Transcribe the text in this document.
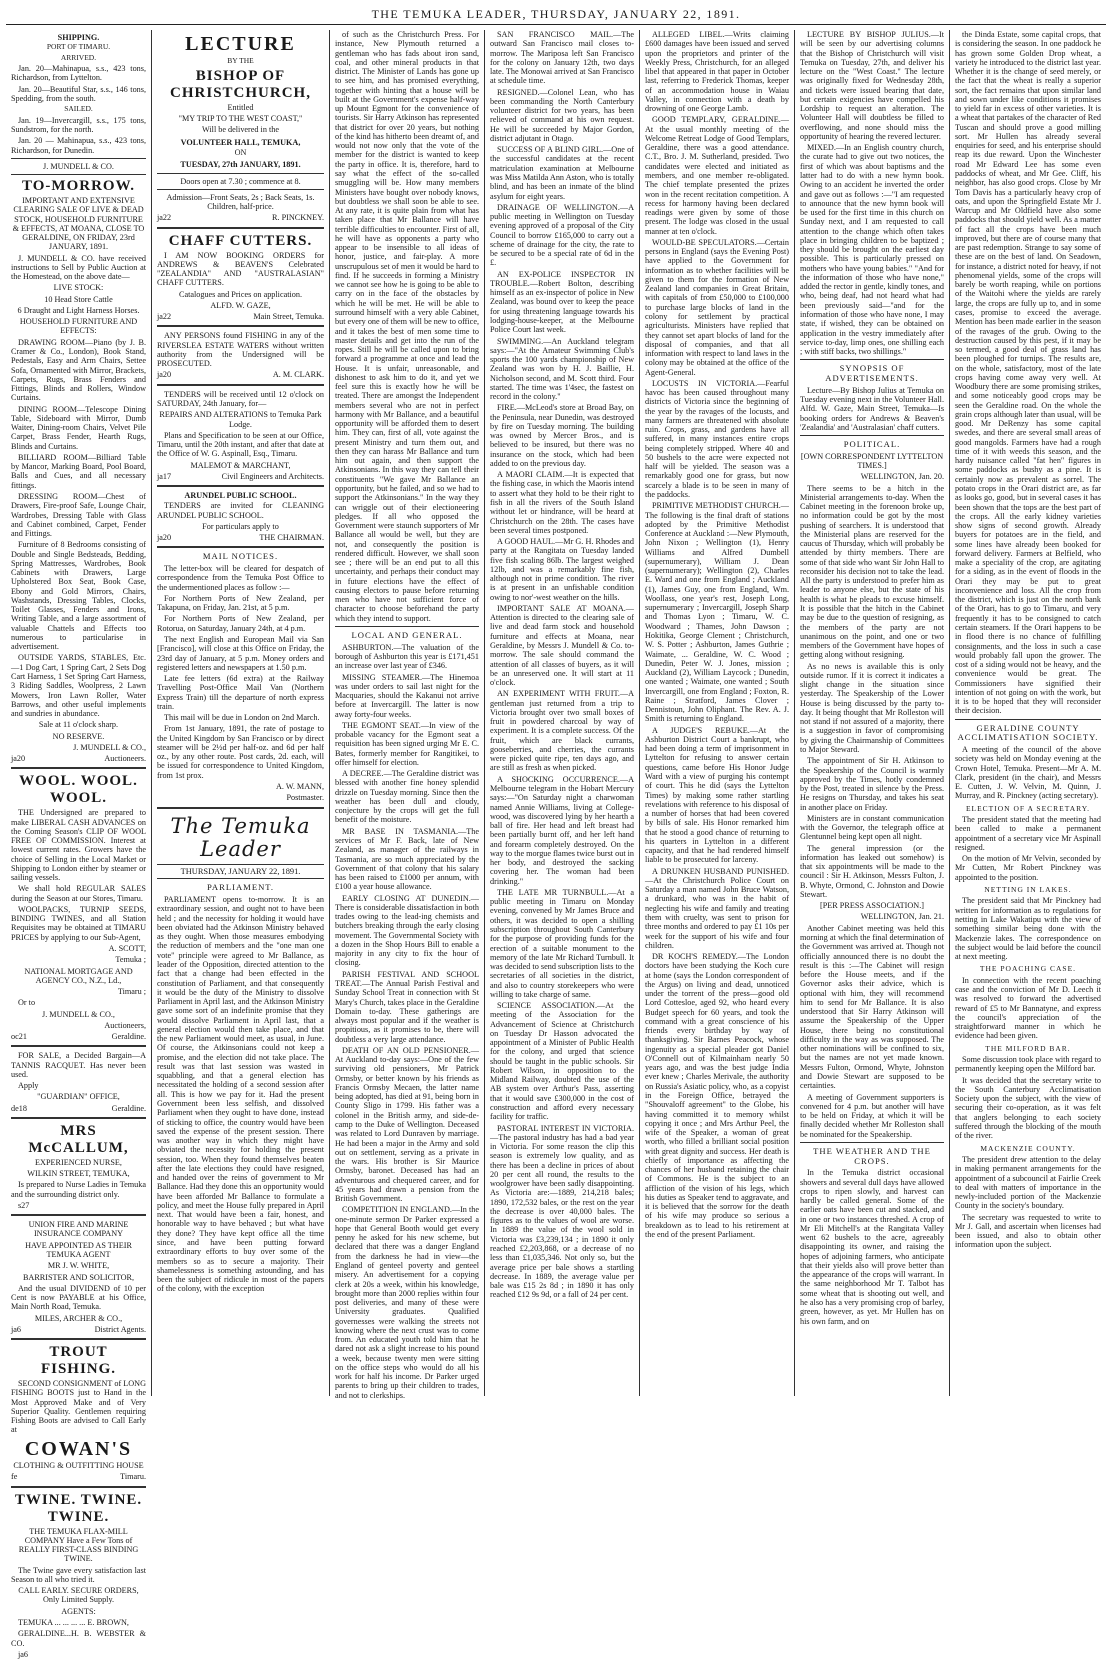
THE TEMUKA LEADER, THURSDAY, JANUARY 22, 1891.

SHIPPING.

PORT OF TIMARU.

ARRIVED.

Jan. 20—Mahinapua, s.s., 423 tons, Richardson, from Lyttelton.

Jan. 20—Beautiful Star, s.s., 146 tons, Spedding, from the south.

SAILED.

Jan. 19—Invercargill, s.s., 175 tons, Sundstrom, for the north.

Jan. 20 — Mahinapua, s.s., 423 tons, Richardson, for Dunedin.

J. MUNDELL & CO.

TO-MORROW.

IMPORTANT AND EXTENSIVE CLEARING SALE OF LIVE & DEAD STOCK, HOUSEHOLD FURNITURE & EFFECTS, AT MOANA, CLOSE TO GERALDINE, ON FRIDAY, 23rd JANUARY, 1891.

J. MUNDELL & CO. have received instructions to Sell by Public Auction at the Homestead, on the above date—

LIVE STOCK:

10 Head Store Cattle

6 Draught and Light Harness Horses.

HOUSEHOLD FURNITURE AND EFFECTS:

DRAWING ROOM—Piano (by J. B. Cramer & Co., London), Book Stand, Pedestals, Easy and Arm Chairs, Settee Sofa, Ornamented with Mirror, Brackets, Carpets, Rugs, Brass Fenders and Fittings, Blinds and Rollers, Window Curtains.

DINING ROOM—Telescope Dining Table, Sideboard with Mirror, Dumb Waiter, Dining-room Chairs, Velvet Pile Carpet, Brass Fender, Hearth Rugs, Blinds and Curtains.

BILLIARD ROOM—Billiard Table by Mancor, Marking Board, Pool Board, Balls and Cues, and all necessary fittings.

DRESSING ROOM—Chest of Drawers, Fire-proof Safe, Lounge Chair, Wardrobes, Dressing Table with Glass and Cabinet combined, Carpet, Fender and Fittings.

Furniture of 8 Bedrooms consisting of Double and Single Bedsteads, Bedding, Spring Mattresses, Wardrobes, Book Cabinets with Drawers, Large Upholstered Box Seat, Book Case, Ebony and Gold Mirrors, Chairs, Washstands, Dressing Tables, Clocks, Toilet Glasses, Fenders and Irons, Writing Table, and a large assortment of valuable Chattels and Effects too numerous to particularise in advertisement.

OUTSIDE YARDS, STABLES, Etc. —1 Dog Cart, 1 Spring Cart, 2 Sets Dog Cart Harness, 1 Set Spring Cart Harness, 3 Riding Saddles, Woolpress, 2 Lawn Mowers, Iron Lawn Roller, Water Barrows, and other useful implements and sundries in abundance.

Sale at 11 o'clock sharp.

NO RESERVE.

J. MUNDELL & CO.,

ja20	Auctioneers.

WOOL. WOOL. WOOL.

THE Undersigned are prepared to make LIBERAL CASH ADVANCES on the Coming Season's CLIP OF WOOL FREE OF COMMISSION. Interest at lowest current rates. Growers have the choice of Selling in the Local Market or Shipping to London either by steamer or sailing vessels.

We shall hold REGULAR SALES during the Season at our Stores, Timaru.

WOOLPACKS, TURNIP SEEDS, BINDING TWINES, and all Station Requisites may be obtained at TIMARU PRICES by applying to our Sub-Agent,

A. SCOTT,

Temuka ;

NATIONAL MORTGAGE AND AGENCY CO., N.Z., Ld.,

Timaru ;

Or to

J. MUNDELL & CO.,

Auctioneers,

oc21	Geraldine.

FOR SALE, a Decided Bargain—A TANNIS RACQUET. Has never been used.

Apply

"GUARDIAN" OFFICE,

de18	Geraldine.

MRS McCALLUM,

EXPERIENCED NURSE,

WILKIN STREET, TEMUKA,

Is prepared to Nurse Ladies in Temuka and the surrounding district only.

s27

UNION FIRE AND MARINE INSURANCE COMPANY

HAVE APPOINTED AS THEIR TEMUKA AGENT

MR J. W. WHITE,

BARRISTER AND SOLICITOR,

And the usual DIVIDEND of 10 per Cent is now PAYABLE at his Office, Main North Road, Temuka.

MILES, ARCHER & CO.,

ja6	District Agents.

TROUT FISHING.

SECOND CONSIGNMENT of LONG FISHING BOOTS just to Hand in the Most Approved Make and of Very Superior Quality. Gentlemen requiring Fishing Boots are advised to Call Early at

COWAN'S

CLOTHING & OUTFITTING HOUSE

fe	Timaru.

TWINE. TWINE. TWINE.

THE TEMUKA FLAX-MILL COMPANY Have a Few Tons of REALLY FIRST-CLASS BINDING TWINE.

The Twine gave every satisfaction last Season to all who tried it.

CALL EARLY. SECURE ORDERS, Only Limited Supply.

AGENTS:

TEMUKA ... ... ... ... E. BROWN,

GERALDINE...H. B. WEBSTER & CO.

ja6

LECTURE

BY THE

BISHOP OF CHRISTCHURCH,

Entitled

"MY TRIP TO THE WEST COAST,"

Will be delivered in the

VOLUNTEER HALL, TEMUKA,

ON

TUESDAY, 27th JANUARY, 1891.

Doors open at 7.30 ; commence at 8.

Admission—Front Seats, 2s ; Back Seats, 1s. Children, half-price.

ja22	R. PINCKNEY.

CHAFF CUTTERS.

I AM NOW BOOKING ORDERS for ANDREWS & BEAVEN'S Celebrated "ZEALANDIA" AND "AUSTRALASIAN" CHAFF CUTTERS.

Catalogues and Prices on application.

ALFD. W. GAZE,

ja22	Main Street, Temuka.

ANY PERSONS found FISHING in any of the RIVERSLEA ESTATE WATERS without written authority from the Undersigned will be PROSECUTED.

ja20	A. M. CLARK.

TENDERS will be received until 12 o'clock on SATURDAY, 24th January, for—

REPAIRS AND ALTERATIONS to Temuka Park Lodge.

Plans and Specification to be seen at our Office, Timaru, until the 20th instant, and after that date at the Office of W. G. Aspinall, Esq., Timaru.

MALEMOT & MARCHANT,

ja17	Civil Engineers and Architects.

ARUNDEL PUBLIC SCHOOL.

TENDERS are invited for CLEANING ARUNDEL PUBLIC SCHOOL.

For particulars apply to

ja20	THE CHAIRMAN.

MAIL NOTICES.

The letter-box will be cleared for despatch of correspondence from the Temuka Post Office to the undermentioned places as follow :—

For Northern Ports of New Zealand, per Takapuna, on Friday, Jan. 21st, at 5 p.m.

For Northern Ports of New Zealand, per Rotorua, on Saturday, January 24th, at 4 p.m.

The next English and European Mail via San [Francisco], will close at this Office on Friday, the 23rd day of January, at 5 p.m. Money orders and registered letters and newspapers at 1.50 p.m.

Late fee letters (6d extra) at the Railway Travelling Post-Office Mail Van (Northern Express Train) till the departure of north express train.

This mail will be due in London on 2nd March.

From 1st January, 1891, the rate of postage to the United Kingdom by San Francisco or by direct steamer will be 2½d per half-oz. and 6d per half oz., by any other route. Post cards, 2d. each, will be issued for correspondence to United Kingdom, from 1st prox.

A. W. MANN,

Postmaster.

The Temuka Leader
THURSDAY, JANUARY 22, 1891.

PARLIAMENT.

PARLIAMENT opens to-morrow. It is an extraordinary session, and ought not to have been held ; and the necessity for holding it would have been obviated had the Atkinson Ministry behaved as they ought. When those measures embodying the reduction of members and the "one man one vote" principle were agreed to Mr Ballance, as leader of the Opposition, directed attention to the fact that a change had been effected in the constitution of Parliament, and that consequently it would be the duty of the Ministry to dissolve Parliament in April last, and the Atkinson Ministry gave some sort of an indefinite promise that they would dissolve Parliament in April last, that a general election would then take place, and that the new Parliament would meet, as usual, in June. Of course, the Atkinsonians could not keep a promise, and the election did not take place. The result was that last session was wasted in squabbling, and that a general election has necessitated the holding of a second session after all. This is how we pay for it. Had the present Government been less selfish, and dissolved Parliament when they ought to have done, instead of sticking to office, the country would have been saved the expense of the present session. There was another way in which they might have obviated the necessity for holding the present session, too. When they found themselves beaten after the late elections they could have resigned, and handed over the reins of government to Mr Ballance. Had they done this an opportunity would have been afforded Mr Ballance to formulate a policy, and meet the House fully prepared in April next. That would have been a fair, honest, and honorable way to have behaved ; but what have they done? They have kept office all the time since, and have been putting forward extraordinary efforts to buy over some of the members so as to secure a majority. Their shamelessness is something astounding, and has been the subject of ridicule in most of the papers of the colony, with the exception

of such as the Christchurch Press. For instance, New Plymouth returned a gentleman who has fads about iron sand, coal, and other mineral products in that district. The Minister of Lands has gone up to see him, and has promised everything, together with hinting that a house will be built at the Government's expense half-way up Mount Egmont for the convenience of tourists. Sir Harry Atkinson has represented that district for over 20 years, but nothing of the kind has hitherto been dreamt of, and would not now only that the vote of the member for the district is wanted to keep the party in office. It is, therefore, hard to say what the effect of the so-called smuggling will be. How many members Ministers have bought over nobody knows, but doubtless we shall soon be able to see. At any rate, it is quite plain from what has taken place that Mr Ballance will have terrible difficulties to encounter. First of all, he will have as opponents a party who appear to be insensible to all ideas of honor, justice, and fair-play. A more unscrupulous set of men it would be hard to find. If he succeeds in forming a Ministry we cannot see how he is going to be able to carry on in the face of the obstacles by which he will be met. He will be able to surround himself with a very able Cabinet, but every one of them will be new to office, and it takes the best of men some time to master details and get into the run of the ropes. Still he will be called upon to bring forward a programme at once and lead the House. It is unfair, unreasonable, and dishonest to ask him to do it, and yet we feel sure this is exactly how he will be treated. There are amongst the Independent members several who are not in perfect harmony with Mr Ballance, and a beautiful opportunity will be afforded them to desert him. They can, first of all, vote against the present Ministry and turn them out, and then they can harass Mr Ballance and turn him out again, and then support the Atkinsonians. In this way they can tell their constituents "We gave Mr Ballance an opportunity, but he failed, and so we had to support the Atkinsonians." In the way they can wriggle out of their electioneering pledges. If all who opposed the Government were staunch supporters of Mr Ballance all would be well, but they are not, and consequently the position is rendered difficult. However, we shall soon see ; there will be an end put to all this uncertainty, and perhaps their conduct may in future elections have the effect of causing electors to pause before returning men who have not sufficient force of character to choose beforehand the party which they intend to support.

LOCAL AND GENERAL.

ASHBURTON.—The valuation of the borough of Ashburton this year is £171,451 an increase over last year of £346.

MISSING STEAMER.—The Hinemoa was under orders to sail last night for the Macquaries, should the Kakanui not arrive before at Invercargill. The latter is now away forty-four weeks.

THE EGMONT SEAT.—In view of the probable vacancy for the Egmont seat a requisition has been signed urging Mr E. C. Bates, formerly member for Rangitikei, to offer himself for election.

A DECREE.—The Geraldine district was blessed with another fine honey splendid drizzle on Tuesday morning. Since then the weather has been dull and cloudy, conjecture by the crops will get the full benefit of the moisture.

MR BASE IN TASMANIA.—The services of Mr F. Back, late of New Zealand, as manager of the railways in Tasmania, are so much appreciated by the Government of that colony that his salary has been raised to £1000 per annum, with £100 a year house allowance.

EARLY CLOSING AT DUNEDIN.—There is considerable dissatisfaction in both trades owing to the lead-ing chemists and butchers breaking through the early closing movement. The Governmental Society with a dozen in the Shop Hours Bill to enable a majority in any city to fix the hour of closing.

PARISH FESTIVAL AND SCHOOL TREAT.—The Annual Parish Festival and Sunday School Treat in connection with St Mary's Church, takes place in the Geraldine Domain to-day. These gatherings are always most popular and if the weather is propitious, as it promises to be, there will doubtless a very large attendance.

DEATH OF AN OLD PENSIONER.—At Auckland to-day says:—One of the few surviving old pensioners, Mr Patrick Ormsby, or better known by his friends as Francis Ormsby Mecaen, the latter name being adopted, has died at 91, being born in County Sligo in 1799. His father was a colonel in the British army, and side-de-camp to the Duke of Wellington. Deceased was related to Lord Dunraven by marriage. He had been a major in the Army and sold out on settlement, serving as a private in the wars. His brother is Sir Maurice Ormsby, baronet. Deceased has had an adventurous and chequered career, and for 45 years had drawn a pension from the British Government.

COMPETITION IN ENGLAND.—In the one-minute sermon Dr Parker expressed a hope that General Booth would get every penny he asked for his new scheme, but declared that there was a danger England from the darkness he had in view—the England of genteel poverty and genteel misery. An advertisement for a copying clerk at 20s a week, within his knowledge, brought more than 2000 replies within four post deliveries, and many of these were University graduates. Qualified governesses were walking the streets not knowing where the next crust was to come from. An educated youth told him that he dared not ask a slight increase to his pound a week, because twenty men were sitting on the office steps who would do all his work for half his income. Dr Parker urged parents to bring up their children to trades, and not to clerkships.

SAN FRANCISCO MAIL.—The outward San Francisco mail closes to-morrow. The Mariposa left San Francisco for the colony on January 12th, two days late. The Monowai arrived at San Francisco at schedule time.

RESIGNED.—Colonel Lean, who has been commanding the North Canterbury volunteer district for two years, has been relieved of command at his own request. He will be succeeded by Major Gordon, district adjutant in Otago.

SUCCESS OF A BLIND GIRL.—One of the successful candidates at the recent matriculation examination at Melbourne was Miss Matilda Ann Aston, who is totally blind, and has been an inmate of the blind asylum for eight years.

DRAINAGE OF WELLINGTON.—A public meeting in Wellington on Tuesday evening approved of a proposal of the City Council to borrow £165,000 to carry out a scheme of drainage for the city, the rate to be secured to be a special rate of 6d in the £.

AN EX-POLICE INSPECTOR IN TROUBLE.—Robert Bolton, describing himself as an ex-inspector of police in New Zealand, was bound over to keep the peace for using threatening language towards his lodging-house-keeper, at the Melbourne Police Court last week.

SWIMMING.—An Auckland telegram says:—"At the Amateur Swimming Club's sports the 100 yards championship of New Zealand was won by H. J. Baillie, H. Nicholson second, and M. Scott third. Four started. The time was 1'4sec, the fastest on record in the colony."

FIRE.—McLeod's store at Broad Bay, on the Peninsula, near Dunedin, was destroyed by fire on Tuesday morning. The building was owned by Mercer Bros., and is believed to be insured, but there was no insurance on the stock, which had been added to on the previous day.

A MAORI CLAIM.—It is expected that the fishing case, in which the Maoris intend to assert what they hold to be their right to fish in all the rivers of the South Island without let or hindrance, will be heard at Christchurch on the 28th. The cases have been several times postponed.

A GOOD HAUL.—Mr G. H. Rhodes and party at the Rangitata on Tuesday landed five fish scaling 86lb. The largest weighed 12lb, and was a remarkably fine fish, although not in prime condition. The river is at present in an unfishable condition owing to nor'-west weather on the hills.

IMPORTANT SALE AT MOANA.—Attention is directed to the clearing sale of live and dead farm stock and household furniture and effects at Moana, near Geraldine, by Messrs J. Mundell & Co. to-morrow. The sale should command the attention of all classes of buyers, as it will be an unreserved one. It will start at 11 o'clock.

AN EXPERIMENT WITH FRUIT.—A gentleman just returned from a trip to Victoria brought over two small boxes of fruit in powdered charcoal by way of experiment. It is a complete success. Of the fruit, which are black currants, gooseberries, and cherries, the currants were picked quite ripe, ten days ago, and are still as fresh as when picked.

A SHOCKING OCCURRENCE.—A Melbourne telegram in the Hobart Mercury says:—"On Saturday night a charwoman named Annie Williams, living at College-wood, was discovered lying by her hearth a ball of fire. Her head and left breast had been partially burnt off, and her left hand and forearm completely destroyed. On the way to the morgue flames twice burst out in her body, and destroyed the sacking covering her. The woman had been drinking."

THE LATE MR TURNBULL.—At a public meeting in Timaru on Monday evening, convened by Mr James Bruce and others, it was decided to open a shilling subscription throughout South Canterbury for the purpose of providing funds for the erection of a suitable monument to the memory of the late Mr Richard Turnbull. It was decided to send subscription lists to the secretaries of all societies in the district, and also to country storekeepers who were willing to take charge of same.

SCIENCE ASSOCIATION.—At the meeting of the Association for the Advancement of Science at Christchurch on Tuesday Dr Hasson advocated the appointment of a Minister of Public Health for the colony, and urged that science should be taught in the public schools. Sir Robert Wilson, in opposition to the Midland Railway, doubted the use of the AB system over Arthur's Pass, asserting that it would save £300,000 in the cost of construction and afford every necessary facility for traffic.

PASTORAL INTEREST IN VICTORIA.—The pastoral industry has had a bad year in Victoria. For some reason the clip this season is extremely low quality, and as there has been a decline in prices of about 20 per cent all round, the results to the woolgrower have been sadly disappointing. As Victoria are:—1889, 214,218 bales; 1890, 172,532 bales, or the rest on the year the decrease is over 40,000 bales. The figures as to the values of wool are worse. In 1889 the value of the wool sold in Victoria was £3,239,134 ; in 1890 it only reached £2,203,868, or a decrease of no less than £1,035,346. Not only so, but the average price per bale shows a startling decrease. In 1889, the average value per bale was £15 2s 8d ; in 1890 it has only reached £12 9s 9d, or a fall of 24 per cent.

ALLEGED LIBEL.—Writs claiming £600 damages have been issued and served upon the proprietors and printer of the Weekly Press, Christchurch, for an alleged libel that appeared in that paper in October last, referring to Frederick Thomas, keeper of an accommodation house in Waiau Valley, in connection with a death by drowning of one George Lamb.

GOOD TEMPLARY, GERALDINE.—At the usual monthly meeting of the Welcome Retreat Lodge of Good Templars, Geraldine, there was a good attendance. C.T., Bro. J. M. Sutherland, presided. Two candidates were elected and initiated as members, and one member re-obligated. The chief template presented the prizes won in the recent recitation competition. A recess for harmony having been declared readings were given by some of those present. The lodge was closed in the usual manner at ten o'clock.

WOULD-BE SPECULATORS.—Certain persons in England (says the Evening Post) have applied to the Government for information as to whether facilities will be given to them for the formation of New Zealand land companies in Great Britain, with capitals of from £50,000 to £100,000 to purchase large blocks of land in the colony for settlement by practical agriculturists. Ministers have replied that they cannot set apart blocks of land for the disposal of companies, and that all information with respect to land laws in the colony may be obtained at the office of the Agent-General.

LOCUSTS IN VICTORIA.—Fearful havoc has been caused throughout many districts of Victoria since the beginning of the year by the ravages of the locusts, and many farmers are threatened with absolute ruin. Crops, grass, and gardens have all suffered, in many instances entire crops being completely stripped. Where 40 and 50 bushels to the acre were expected not half will be yielded. The season was a remarkably good one for grass, but now scarcely a blade is to be seen in many of the paddocks.

PRIMITIVE METHODIST CHURCH.—The following is the final draft of stations adopted by the Primitive Methodist Conference at Auckland :—New Plymouth, John Nixon ; Wellington (1), Henry Williams and Alfred Dumbell (supernumerary), William J. Dean (supernumerary); Wellington (2), Charles E. Ward and one from England ; Auckland (1), James Guy, one from England, Wm. Woollass, one year's rest, Joseph Long, supernumerary ; Invercargill, Joseph Sharp and Thomas Lyon ; Timaru, W. C. Woodward ; Thames, John Dawson ; Hokitika, George Clement ; Christchurch, W. S. Potter ; Ashburton, James Guthrie ; Waimate, ... Geraldine, W. C. Wood ; Dunedin, Peter W. J. Jones, mission ; Auckland (2), William Laycock ; Dunedin, one wanted ; Waimate, one wanted ; South Invercargill, one from England ; Foxton, R. Raine ; Stratford, James Clover ; Dennistoun, John Oliphant. The Rev. A. J. Smith is returning to England.

A JUDGE'S REBUKE.—At the Ashburton District Court a bankrupt, who had been doing a term of imprisonment in Lyttelton for refusing to answer certain questions, came before His Honor Judge Ward with a view of purging his contempt of court. This he did (says the Lyttelton Times) by making some rather startling revelations with reference to his disposal of a number of horses that had been covered by bills of sale. His Honor remarked him that he stood a good chance of returning to his quarters in Lyttelton in a different capacity, and that he had rendered himself liable to be prosecuted for larceny.

A DRUNKEN HUSBAND PUNISHED.—At the Christchurch Police Court on Saturday a man named John Bruce Watson, a drunkard, who was in the habit of neglecting his wife and family and treating them with cruelty, was sent to prison for three months and ordered to pay £1 10s per week for the support of his wife and four children.

DR KOCH'S REMEDY.—The London doctors have been studying the Koch cure at home (says the London correspondent of the Argus) on living and dead, unnoticed under the torrent of the press—good old Lord Cottesloe, aged 92, who heard every Budget speech for 60 years, and took the command with a great conscience of his friends every birthday by way of thanksgiving. Sir Barnes Peacock, whose ingenuity as a special pleader got Daniel O'Connell out of Kilmainham nearly 50 years ago, and was the best judge India ever knew ; Charles Merivale, the authority on Russia's Asiatic policy, who, as a copyist in the Foreign Office, betrayed the "Shouvaloff agreement" to the Globe, his having committed it to memory whilst copying it once ; and Mrs Arthur Peel, the wife of the Speaker, a woman of great worth, who filled a brilliant social position with great dignity and success. Her death is chiefly of importance as affecting the chances of her husband retaining the chair of Commons. He is the subject to an affliction of the vision of his legs, which his duties as Speaker tend to aggravate, and it is believed that the sorrow for the death of his wife may produce so serious a breakdown as to lead to his retirement at the end of the present Parliament.

LECTURE BY BISHOP JULIUS.—It will be seen by our advertising columns that the Bishop of Christchurch will visit Temuka on Tuesday, 27th, and deliver his lecture on the "West Coast." The lecture was originally fixed for Wednesday 28th, and tickets were issued bearing that date, but certain exigencies have compelled his Lordship to request an alteration. The Volunteer Hall will doubtless be filled to overflowing, and none should miss the opportunity of hearing the revered lecturer.

MIXED.—In an English country church, the curate had to give out two notices, the first of which was about baptisms and the latter had to do with a new hymn book. Owing to an accident he inverted the order and gave out as follows :—"I am requested to announce that the new hymn book will be used for the first time in this church on Sunday next, and I am requested to call attention to the change which often takes place in bringing children to be baptized ; they should be brought on the earliest day possible. This is particularly pressed on mothers who have young babies." "And for the information of those who have none," added the rector in gentle, kindly tones, and who, being deaf, had not heard what had been previously said—"and for the information of those who have none, I may state, if wished, they can be obtained on application in the vestry immediately after service to-day, limp ones, one shilling each ; with stiff backs, two shillings."

SYNOPSIS OF ADVERTISEMENTS.

Lecture—By Bishop Julius at Temuka on Tuesday evening next in the Volunteer Hall. Alfd. W. Gaze, Main Street, Temuka—Is booking orders for Andrews & Beaven's 'Zealandia' and 'Australasian' chaff cutters.

POLITICAL.

[OWN CORRESPONDENT LYTTELTON TIMES.]

WELLINGTON, Jan. 20.

There seems to be a hitch in the Ministerial arrangements to-day. When the Cabinet meeting in the forenoon broke up, no information could be got by the most pushing of searchers. It is understood that the Ministerial plans are reserved for the caucus of Thursday, which will probably be attended by thirty members. There are some of that side who want Sir John Hall to reconsider his decision not to take the lead. All the party is understood to prefer him as leader to anyone else, but the state of his health is what he pleads to excuse himself. It is possible that the hitch in the Cabinet may be due to the question of resigning, as the members of the party are not unanimous on the point, and one or two members of the Government have hopes of getting along without resigning.

As no news is available this is only outside rumor. If it is correct it indicates a slight change in the situation since yesterday. The Speakership of the Lower House is being discussed by the party to-day. It being thought that Mr Rolleston will not stand if not assured of a majority, there is a suggestion in favor of compromising by giving the Chairmanship of Committees to Major Steward.

The appointment of Sir H. Atkinson to the Speakership of the Council is warmly approved by the Times, hotly condemned by the Post, treated in silence by the Press. He resigns on Thursday, and takes his seat in another place on Friday.

Ministers are in constant communication with the Governor, the telegraph office at Glentunnel being kept open all night.

The general impression (or the information has leaked out somehow) is that six appointments will be made to the council : Sir H. Atkinson, Messrs Fulton, J. B. Whyte, Ormond, C. Johnston and Dowie Stewart.

[PER PRESS ASSOCIATION.]

WELLINGTON, Jan. 21.

Another Cabinet meeting was held this morning at which the final determination of the Government was arrived at. Though not officially announced there is no doubt the result is this :—The Cabinet will resign before the House meets, and if the Governor asks their advice, which is optional with him, they will recommend him to send for Mr Ballance. It is also understood that Sir Harry Atkinson will assume the Speakership of the Upper House, there being no constitutional difficulty in the way as was supposed. The other nominations will be confined to six, but the names are not yet made known. Messrs Fulton, Ormond, Whyte, Johnston and Dowie Stewart are supposed to be certainties.

A meeting of Government supporters is convened for 4 p.m. but another will have to be held on Friday, at which it will be finally decided whether Mr Rolleston shall be nominated for the Speakership.

THE WEATHER AND THE CROPS.

In the Temuka district occasional showers and several dull days have allowed crops to ripen slowly, and harvest can hardly be called general. Some of the earlier oats have been cut and stacked, and in one or two instances threshed. A crop of Mr Eli Mitchell's at the Rangitata Valley went 62 bushels to the acre, agreeably disappointing its owner, and raising the hopes of adjoining farmers, who anticipate that their yields also will prove better than the appearance of the crops will warrant. In the same neighborhood Mr T. Talbot has some wheat that is shooting out well, and he also has a very promising crop of barley, green, however, as yet. Mr Hullen has on his own farm, and on

the Dinda Estate, some capital crops, that is considering the season. In one paddock he has grown some Golden Drop wheat, a variety he introduced to the district last year. Whether it is the change of seed merely, or the fact that the wheat is really a superior sort, the fact remains that upon similar land and sown under like conditions it promises to yield far in excess of other varieties. It is a wheat that partakes of the character of Red Tuscan and should prove a good milling sort. Mr Hullen has already several enquiries for seed, and his enterprise should reap its due reward. Upon the Winchester road Mr Edward Lee has some even paddocks of wheat, and Mr Gee. Cliff, his neighbor, has also good crops. Close by Mr Tom Davis has a particularly heavy crop of oats, and upon the Springfield Estate Mr J. Warcup and Mr Oldfield have also some paddocks that should yield well. As a matter of fact all the crops have been much improved, but there are of course many that are past redemption. Strange to say some of these are on the best of land. On Seadown, for instance, a district noted for heavy, if not phenomenal yields, some of the crops will barely be worth reaping, while on portions of the Waitohi where the yields are rarely large, the crops are fully up to, and in some cases, promise to exceed the average. Mention has been made earlier in the season of the ravages of the grub. Owing to the destruction caused by this pest, if it may be so termed, a good deal of grass land has been ploughed for turnips. The results are, on the whole, satisfactory, most of the late crops having come away very well. At Woodbury there are some promising strikes, and some noticeably good crops may be seen the Geraldine road. On the whole the grain crops although later than usual, will be good. Mr DeRenzy has some capital swedes, and there are several small areas of good mangolds. Farmers have had a rough time of it with weeds this season, and the hardy nuisance called "fat hen" figures in some paddocks as bushy as a pine. It is certainly now as prevalent as sorrel. The potato crops in the Orari district are, as far as looks go, good, but in several cases it has been shown that the tops are the best part of the crops. All the early kidney varieties show signs of second growth. Already buyers for potatoes are in the field, and some lines have already been booked for forward delivery. Farmers at Belfield, who make a speciality of the crop, are agitating for a siding, as in the event of floods in the Orari they may be put to great inconvenience and loss. All the crop from the district, which is just on the north bank of the Orari, has to go to Timaru, and very frequently it has to be consigned to catch certain steamers. If the Orari happens to be in flood there is no chance of fulfilling consignments, and the loss in such a case would probably fall upon the grower. The cost of a siding would not be heavy, and the convenience would be great. The Commissioners have signified their intention of not going on with the work, but it is to be hoped that they will reconsider their decision.

GERALDINE COUNTY ACCLIMATISATION SOCIETY.

A meeting of the council of the above society was held on Monday evening at the Crown Hotel, Temuka. Present—Mr A. M. Clark, president (in the chair), and Messrs E. Cutten, J. W. Velvin, M. Quinn, J. Murray, and R. Pinckney (acting secretary).

ELECTION OF A SECRETARY.

The president stated that the meeting had been called to make a permanent appointment of a secretary vice Mr Aspinall resigned.

On the motion of Mr Velvin, seconded by Mr Cutten, Mr Robert Pinckney was appointed to the position.

NETTING IN LAKES.

The president said that Mr Pinckney had written for information as to regulations for netting in Lake Wakatipu with the view of something similar being done with the Mackenzie lakes. The correspondence on the subject would be laid before the council at next meeting.

THE POACHING CASE.

In connection with the recent poaching case and the conviction of Mr D. Leech it was resolved to forward the advertised reward of £5 to Mr Bannatyne, and express the council's appreciation of the straightforward manner in which he evidence had been given.

THE MILFORD BAR.

Some discussion took place with regard to permanently keeping open the Milford bar.

It was decided that the secretary write to the South Canterbury Acclimatisation Society upon the subject, with the view of securing their co-operation, as it was felt that anglers belonging to each society suffered through the blocking of the mouth of the river.

MACKENZIE COUNTY.

The president drew attention to the delay in making permanent arrangements for the appointment of a subcouncil at Fairlie Creek to deal with matters of importance in the newly-included portion of the Mackenzie County in the society's boundary.

The secretary was requested to write to Mr J. Gall, and ascertain when licenses had been issued, and also to obtain other information upon the subject.
